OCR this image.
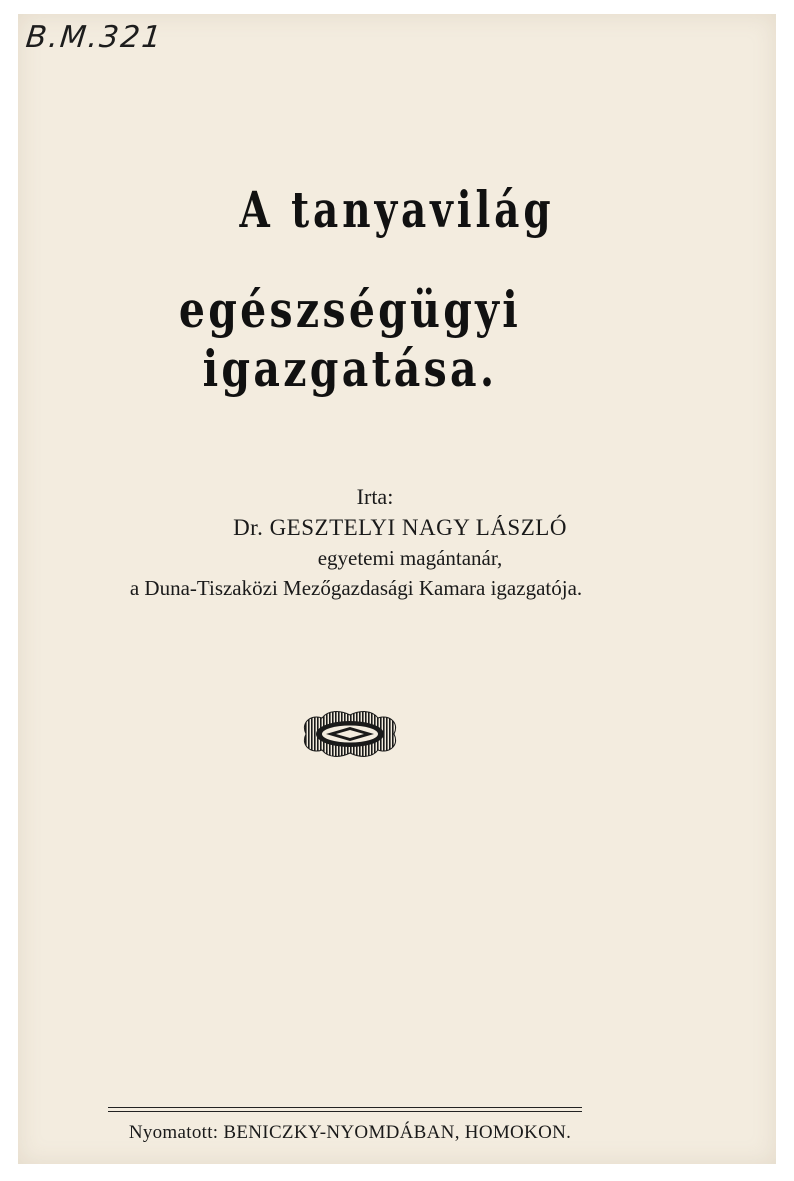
B.M.321
A tanyavilág
egészségügyi igazgatása.
Irta:
Dr. GESZTELYI NAGY LÁSZLÓ
egyetemi magántanár,
a Duna-Tiszaközi Mezőgazdasági Kamara igazgatója.
Nyomatott: BENICZKY-NYOMDÁBAN, HOMOKON.
